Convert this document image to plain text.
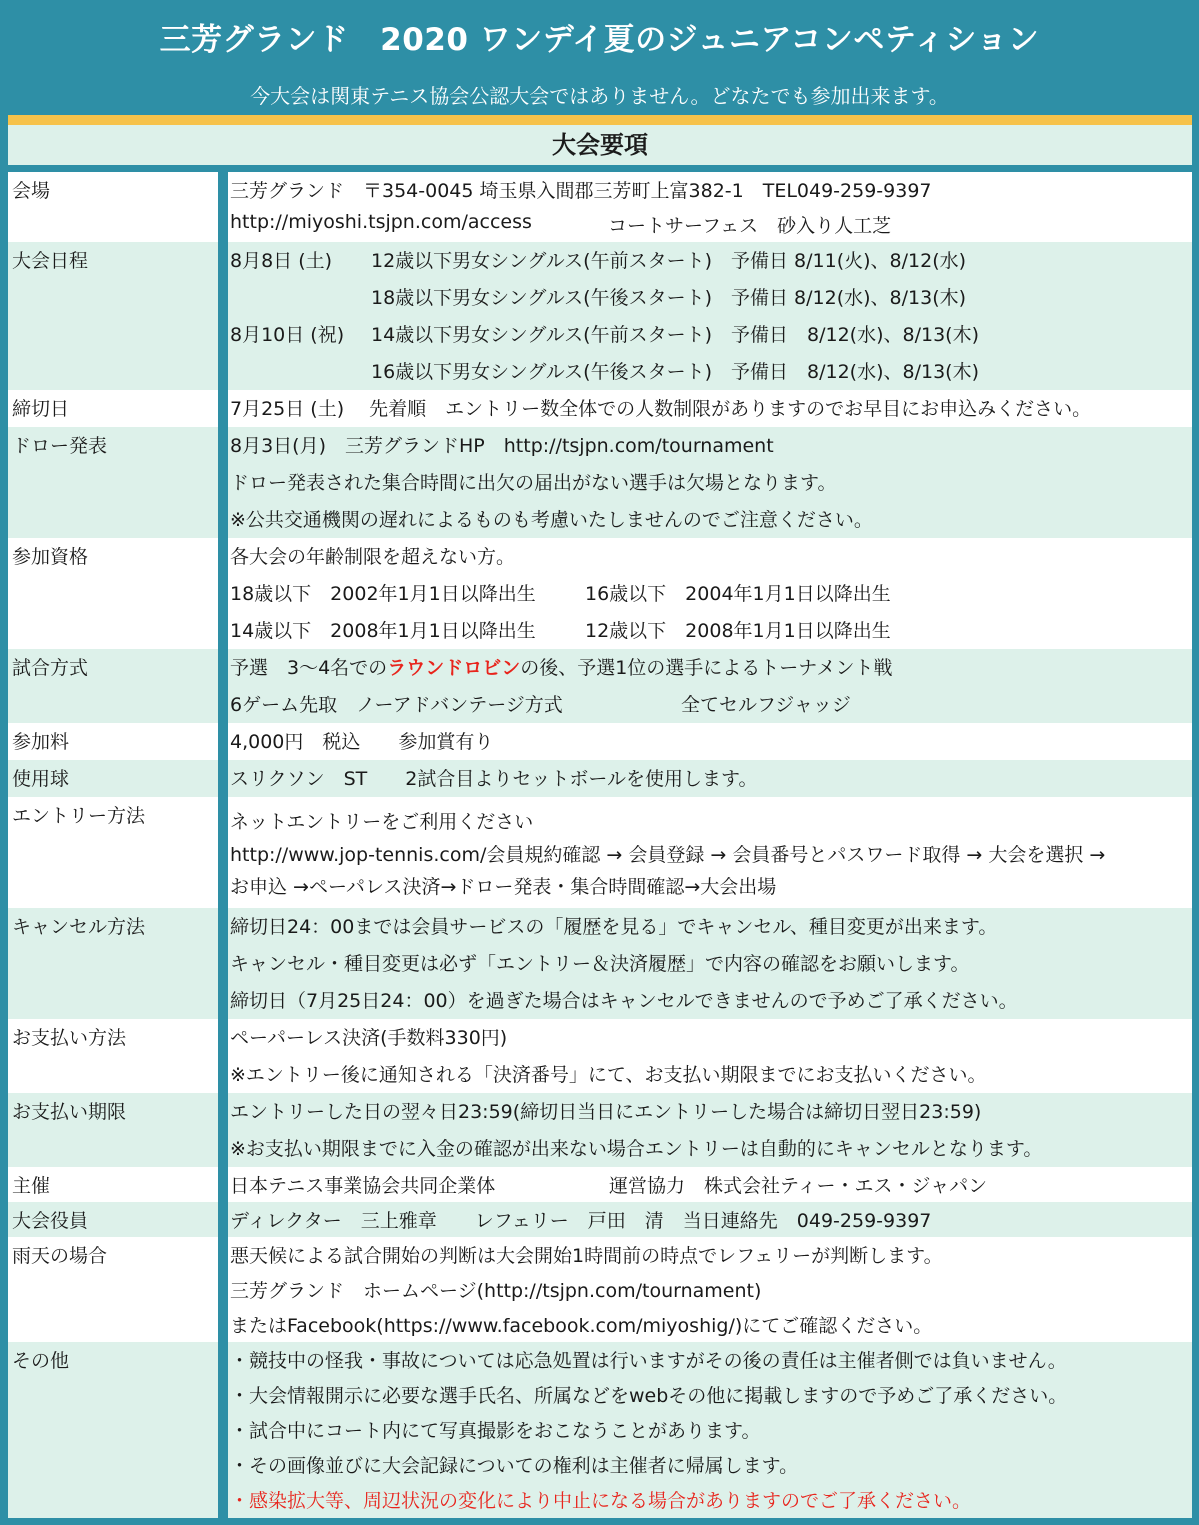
三芳グランド　2020 ワンデイ夏のジュニアコンペティション
今大会は関東テニス協会公認大会ではありません。どなたでも参加出来ます。
大会要項
会場	三芳グランド　〒354-0045 埼玉県入間郡三芳町上富382-1　TEL049-259-9397
http://miyoshi.tsjpn.com/access	コートサーフェス　砂入り人工芝
大会日程	8月8日 (土) 12歳以下男女シングルス(午前スタート)　予備日 8/11(火)、8/12(水)
18歳以下男女シングルス(午後スタート)　予備日 8/12(水)、8/13(木)
8月10日 (祝) 14歳以下男女シングルス(午前スタート)　予備日　8/12(水)、8/13(木)
16歳以下男女シングルス(午後スタート)　予備日　8/12(水)、8/13(木)
締切日	7月25日 (土)　 先着順　エントリー数全体での人数制限がありますのでお早目にお申込みください。
ドロー発表	8月3日(月)　三芳グランドHP　http://tsjpn.com/tournament
ドロー発表された集合時間に出欠の届出がない選手は欠場となります。
※公共交通機関の遅れによるものも考慮いたしませんのでご注意ください。
参加資格	各大会の年齢制限を超えない方。
18歳以下　2002年1月1日以降出生	16歳以下　2004年1月1日以降出生
14歳以下　2008年1月1日以降出生	12歳以下　2008年1月1日以降出生
試合方式	予選　3～4名でのラウンドロビンの後、予選1位の選手によるトーナメント戦
6ゲーム先取　ノーアドバンテージ方式	全てセルフジャッジ
参加料	4,000円　税込　　参加賞有り
使用球	スリクソン　ST　　2試合目よりセットボールを使用します。
エントリー方法	ネットエントリーをご利用ください
http://www.jop-tennis.com/会員規約確認 → 会員登録 → 会員番号とパスワード取得 → 大会を選択 →
お申込 →ペーパレス決済→ドロー発表・集合時間確認→大会出場
キャンセル方法	締切日24：00までは会員サービスの「履歴を見る」でキャンセル、種目変更が出来ます。
キャンセル・種目変更は必ず「エントリー＆決済履歴」で内容の確認をお願いします。
締切日（7月25日24：00）を過ぎた場合はキャンセルできませんので予めご了承ください。
お支払い方法	ペーパーレス決済(手数料330円)
※エントリー後に通知される「決済番号」にて、お支払い期限までにお支払いください。
お支払い期限	エントリーした日の翌々日23:59(締切日当日にエントリーした場合は締切日翌日23:59)
※お支払い期限までに入金の確認が出来ない場合エントリーは自動的にキャンセルとなります。
主催	日本テニス事業協会共同企業体	運営協力　株式会社ティー・エス・ジャパン
大会役員	ディレクター　三上雅章　　レフェリー　戸田　清　当日連絡先　049-259-9397
雨天の場合	悪天候による試合開始の判断は大会開始1時間前の時点でレフェリーが判断します。
三芳グランド　ホームページ(http://tsjpn.com/tournament)
またはFacebook(https://www.facebook.com/miyoshig/)にてご確認ください。
その他	・競技中の怪我・事故については応急処置は行いますがその後の責任は主催者側では負いません。
・大会情報開示に必要な選手氏名、所属などをwebその他に掲載しますので予めご了承ください。
・試合中にコート内にて写真撮影をおこなうことがあります。
・その画像並びに大会記録についての権利は主催者に帰属します。
・感染拡大等、周辺状況の変化により中止になる場合がありますのでご了承ください。
